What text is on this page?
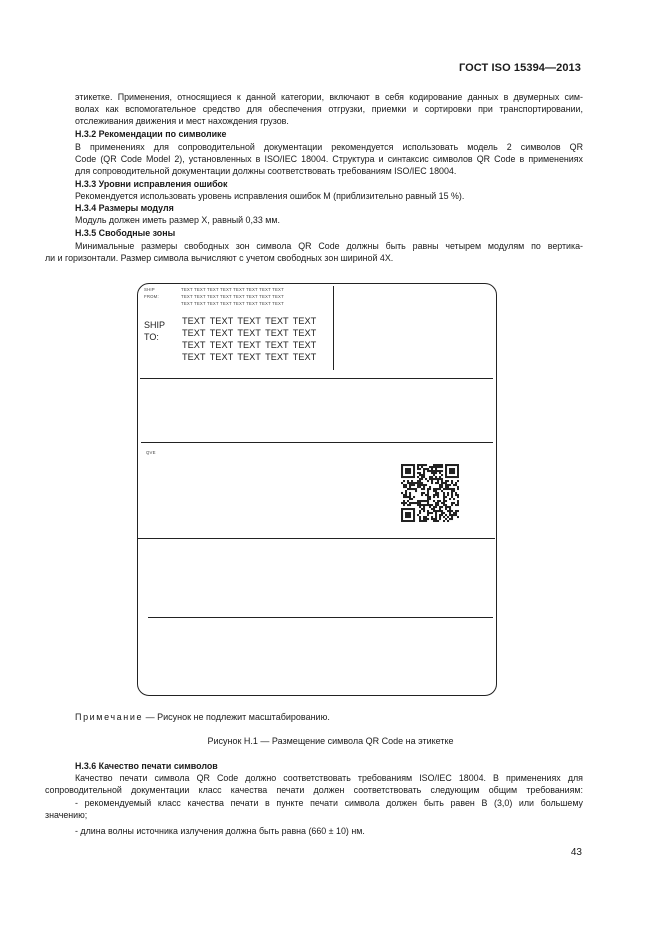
ГОСТ ISO 15394—2013
этикетке. Применения, относящиеся к данной категории, включают в себя кодирование данных в двумерных сим-
волах как вспомогательное средство для обеспечения отгрузки, приемки и сортировки при транспортировании,
отслеживания движения и мест нахождения грузов.
Н.3.2 Рекомендации по символике
В применениях для сопроводительной документации рекомендуется использовать модель 2 символов QR
Code (QR Code Model 2), установленных в ISO/IEC 18004. Структура и синтаксис символов QR Code в применениях
для сопроводительной документации должны соответствовать требованиям ISO/IEC 18004.
Н.3.3 Уровни исправления ошибок
Рекомендуется использовать уровень исправления ошибок М (приблизительно равный 15 %).
Н.3.4 Размеры модуля
Модуль должен иметь размер X, равный 0,33 мм.
Н.3.5 Свободные зоны
Минимальные размеры свободных зон символа QR Code должны быть равны четырем модулям по вертика-
ли и горизонтали. Размер символа вычисляют с учетом свободных зон шириной 4X.
SHIP
FROM:
TEXT TEXT TEXT TEXT TEXT TEXT TEXT TEXT
TEXT TEXT TEXT TEXT TEXT TEXT TEXT TEXT
TEXT TEXT TEXT TEXT TEXT TEXT TEXT TEXT
SHIP
TO:
TEXT TEXT TEXT TEXT TEXT
TEXT TEXT TEXT TEXT TEXT
TEXT TEXT TEXT TEXT TEXT
TEXT TEXT TEXT TEXT TEXT
QVE
Примечание — Рисунок не подлежит масштабированию.
Рисунок Н.1 — Размещение символа QR Code на этикетке
Н.3.6 Качество печати символов
Качество печати символа QR Code должно соответствовать требованиям ISO/IEC 18004. В применениях для
сопроводительной документации класс качества печати должен соответствовать следующим общим требованиям:
- рекомендуемый класс качества печати в пункте печати символа должен быть равен В (3,0) или большему
значению;
- длина волны источника излучения должна быть равна (660 ± 10) нм.
43
